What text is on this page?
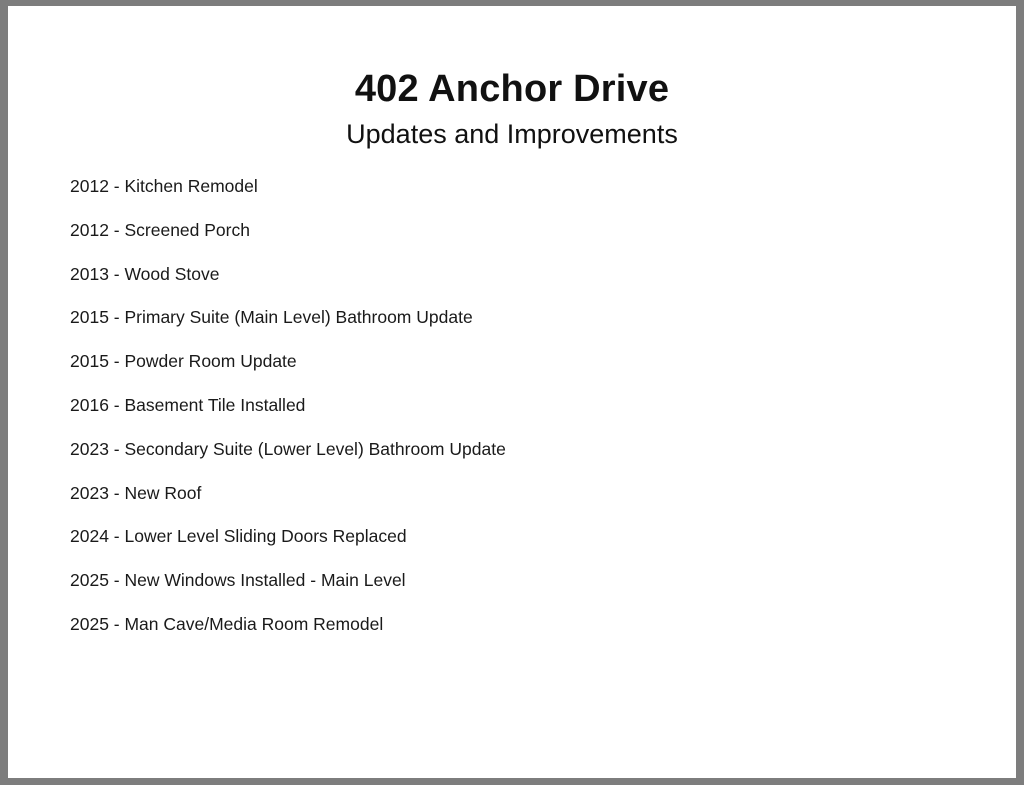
402 Anchor Drive
Updates and Improvements
2012 - Kitchen Remodel
2012 - Screened Porch
2013 - Wood Stove
2015 - Primary Suite (Main Level) Bathroom Update
2015 - Powder Room Update
2016 - Basement Tile Installed
2023 - Secondary Suite (Lower Level) Bathroom Update
2023 - New Roof
2024 - Lower Level Sliding Doors Replaced
2025 - New Windows Installed - Main Level
2025 - Man Cave/Media Room Remodel
